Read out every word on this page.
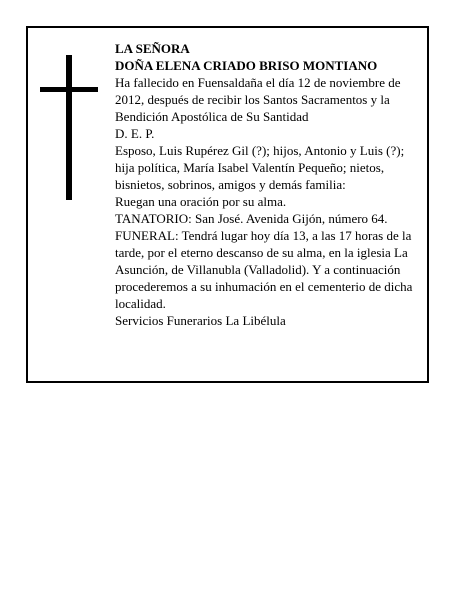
LA SEÑORA

DOÑA ELENA CRIADO BRISO MONTIANO

Ha fallecido en Fuensaldaña el día 12 de noviembre de 2012, después de recibir los Santos Sacramentos y la Bendición Apostólica de Su Santidad

D. E. P.

Esposo, Luis Rupérez Gil (?); hijos, Antonio y Luis (?); hija política, María Isabel Valentín Pequeño; nietos, bisnietos, sobrinos, amigos y demás familia:

Ruegan una oración por su alma.

TANATORIO: San José. Avenida Gijón, número 64.

FUNERAL: Tendrá lugar hoy día 13, a las 17 horas de la tarde, por el eterno descanso de su alma, en la iglesia La Asunción, de Villanubla (Valladolid). Y a continuación procederemos a su inhumación en el cementerio de dicha localidad.

Servicios Funerarios La Libélula
